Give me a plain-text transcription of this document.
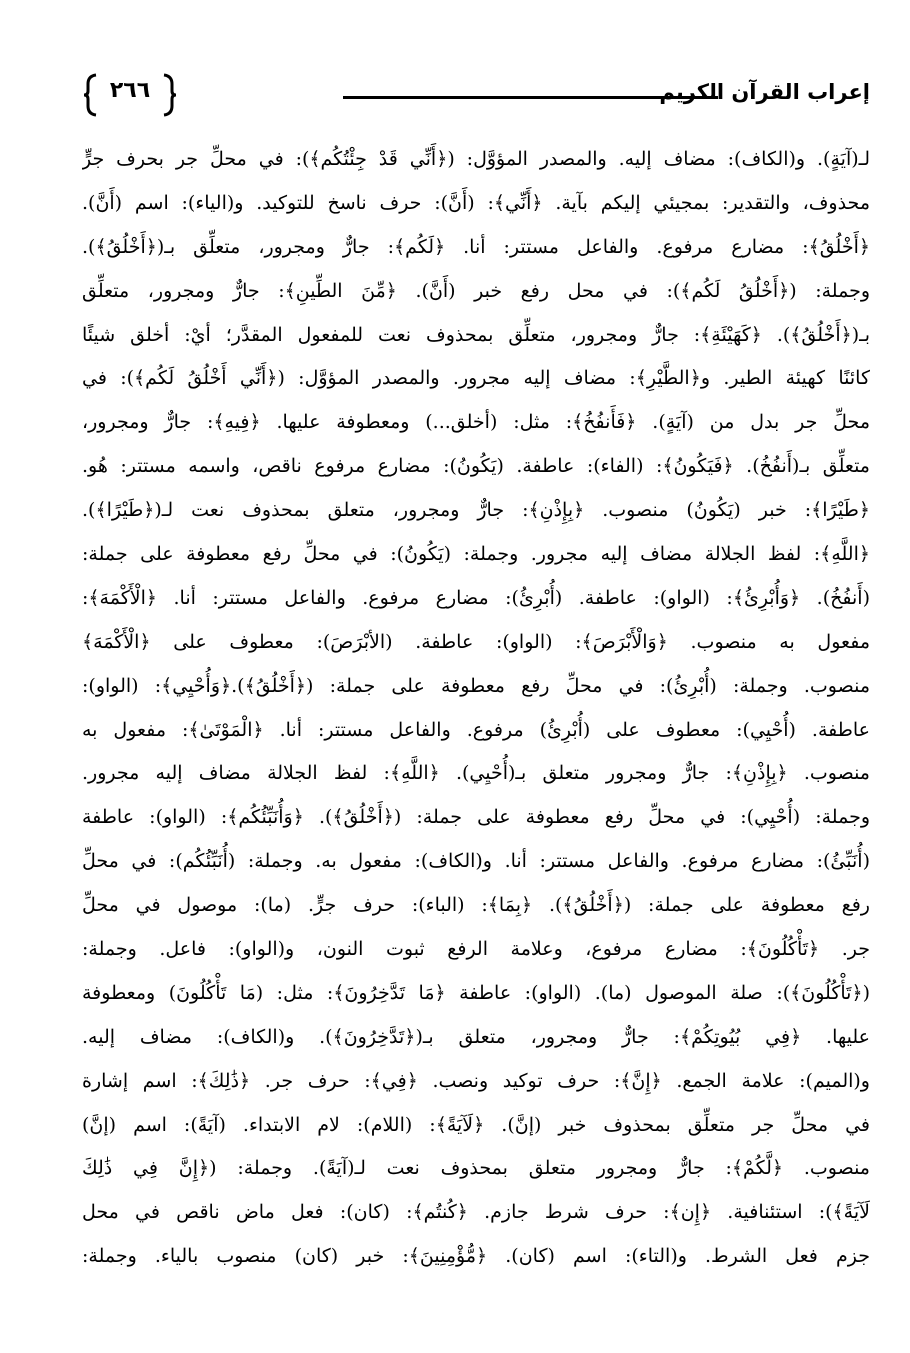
إعراب القرآن الكريم
٢٦٦
لـ(آيَةٍ). و(الكاف): مضاف إليه. والمصدر المؤوَّل: (﴿أَنِّي قَدْ جِئْتُكُم﴾): في محلِّ جر بحرف جرٍّ
محذوف، والتقدير: بمجيئي إليكم بآية. ﴿أَنِّي﴾: (أَنَّ): حرف ناسخ للتوكيد. و(الياء): اسم (أَنَّ).
﴿أَخْلُقُ﴾: مضارع مرفوع. والفاعل مستتر: أنا. ﴿لَكُم﴾: جارٌّ ومجرور، متعلِّق بـ(﴿أَخْلُقُ﴾).
وجملة: (﴿أَخْلُقُ لَكُم﴾): في محل رفع خبر (أَنَّ). ﴿مِّنَ الطِّينِ﴾: جارٌّ ومجرور، متعلِّق
بـ(﴿أَخْلُقُ﴾). ﴿كَهَيْئَةِ﴾: جارٌّ ومجرور، متعلِّق بمحذوف نعت للمفعول المقدَّر؛ أيْ: أخلق شيئًا
كائنًا كهيئة الطير. و﴿الطَّيْرِ﴾: مضاف إليه مجرور. والمصدر المؤوَّل: (﴿أَنِّي أَخْلُقُ لَكُم﴾): في
محلِّ جر بدل من (آيَةٍ). ﴿فَأَنفُخُ﴾: مثل: (أخلق...) ومعطوفة عليها. ﴿فِيهِ﴾: جارٌّ ومجرور،
متعلِّق بـ(أَنفُخُ). ﴿فَيَكُونُ﴾: (الفاء): عاطفة. (يَكُونُ): مضارع مرفوع ناقص، واسمه مستتر: هُو.
﴿طَيْرًا﴾: خبر (يَكُونُ) منصوب. ﴿بِإِذْنِ﴾: جارٌّ ومجرور، متعلق بمحذوف نعت لـ(﴿طَيْرًا﴾).
﴿اللَّهِ﴾: لفظ الجلالة مضاف إليه مجرور. وجملة: (يَكُونُ): في محلِّ رفع معطوفة على جملة:
(أَنفُخُ). ﴿وَأُبْرِئُ﴾: (الواو): عاطفة. (أُبْرِئُ): مضارع مرفوع. والفاعل مستتر: أنا. ﴿الْأَكْمَهَ﴾:
مفعول به منصوب. ﴿وَالْأَبْرَصَ﴾: (الواو): عاطفة. (الأبْرَصَ): معطوف على ﴿الْأَكْمَهَ﴾
منصوب. وجملة: (أُبْرِئُ): في محلِّ رفع معطوفة على جملة: (﴿أَخْلُقُ﴾).﴿وَأُحْيِي﴾: (الواو):
عاطفة. (أُحْيِي): معطوف على (أُبْرِئُ) مرفوع. والفاعل مستتر: أنا. ﴿الْمَوْتَىٰ﴾: مفعول به
منصوب. ﴿بِإِذْنِ﴾: جارٌّ ومجرور متعلق بـ(أُحْيِي). ﴿اللَّهِ﴾: لفظ الجلالة مضاف إليه مجرور.
وجملة: (أُحْيِي): في محلِّ رفع معطوفة على جملة: (﴿أَخْلُقُ﴾). ﴿وَأُنَبِّئُكُم﴾: (الواو): عاطفة
(أُنَبِّئُ): مضارع مرفوع. والفاعل مستتر: أنا. و(الكاف): مفعول به. وجملة: (أُنَبِّئُكُم): في محلِّ
رفع معطوفة على جملة: (﴿أَخْلُقُ﴾). ﴿بِمَا﴾: (الباء): حرف جرٍّ. (ما): موصول في محلِّ
جر. ﴿تَأْكُلُونَ﴾: مضارع مرفوع، وعلامة الرفع ثبوت النون، و(الواو): فاعل. وجملة:
(﴿تَأْكُلُونَ﴾): صلة الموصول (ما). (الواو): عاطفة ﴿مَا تَدَّخِرُونَ﴾: مثل: (مَا تَأْكُلُونَ) ومعطوفة
عليها. ﴿فِي بُيُوتِكُمْ﴾: جارٌّ ومجرور، متعلق بـ(﴿تَدَّخِرُونَ﴾). و(الكاف): مضاف إليه.
و(الميم): علامة الجمع. ﴿إِنَّ﴾: حرف توكيد ونصب. ﴿فِي﴾: حرف جر. ﴿ذَٰلِكَ﴾: اسم إشارة
في محلِّ جر متعلِّق بمحذوف خبر (إنَّ). ﴿لَآيَةً﴾: (اللام): لام الابتداء. (آيَةً): اسم (إنَّ)
منصوب. ﴿لَّكُمْ﴾: جارٌّ ومجرور متعلق بمحذوف نعت لـ(آيَةً). وجملة: (﴿إِنَّ فِي ذَٰلِكَ
لَآيَةً﴾): استئنافية. ﴿إِن﴾: حرف شرط جازم. ﴿كُنتُم﴾: (كان): فعل ماض ناقص في محل
جزم فعل الشرط. و(التاء): اسم (كان). ﴿مُّؤْمِنِينَ﴾: خبر (كان) منصوب بالياء. وجملة:
